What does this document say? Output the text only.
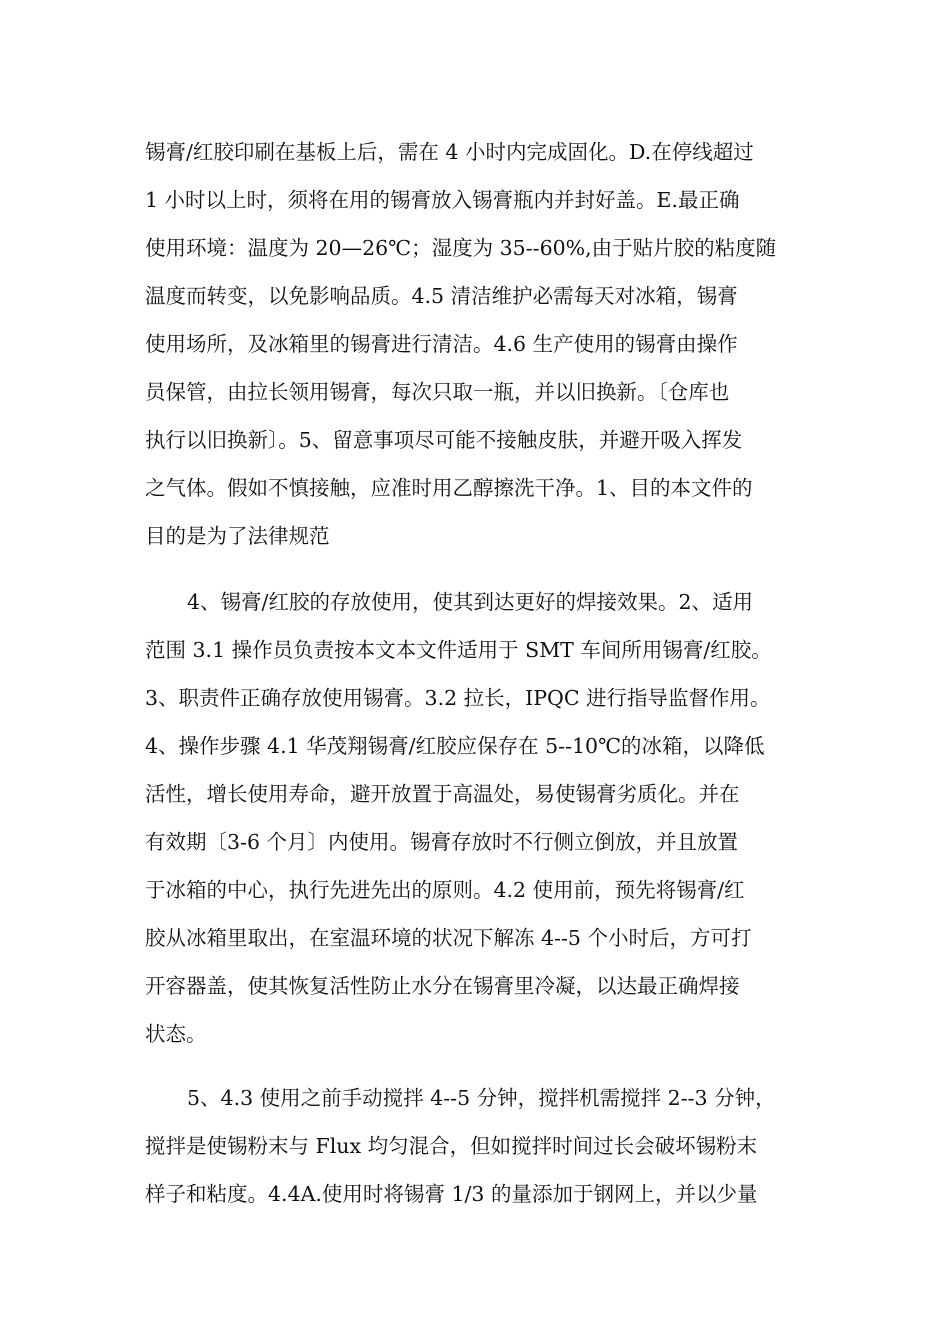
锡膏/红胶印刷在基板上后，需在 4 小时内完成固化。D.在停线超过
1 小时以上时，须将在用的锡膏放入锡膏瓶内并封好盖。E.最正确
使用环境：温度为 20—26℃；湿度为 35--60%,由于贴片胶的粘度随
温度而转变，以免影响品质。4.5 清洁维护必需每天对冰箱，锡膏
使用场所，及冰箱里的锡膏进行清洁。4.6 生产使用的锡膏由操作
员保管，由拉长领用锡膏，每次只取一瓶，并以旧换新。〔仓库也
执行以旧换新〕。5、留意事项尽可能不接触皮肤，并避开吸入挥发
之气体。假如不慎接触，应准时用乙醇擦洗干净。1、目的本文件的
目的是为了法律规范
4、锡膏/红胶的存放使用，使其到达更好的焊接效果。2、适用
范围 3.1 操作员负责按本文本文件适用于 SMT 车间所用锡膏/红胶。
3、职责件正确存放使用锡膏。3.2 拉长，IPQC 进行指导监督作用。
4、操作步骤 4.1 华茂翔锡膏/红胶应保存在 5--10℃的冰箱，以降低
活性，增长使用寿命，避开放置于高温处，易使锡膏劣质化。并在
有效期〔3-6 个月〕内使用。锡膏存放时不行侧立倒放，并且放置
于冰箱的中心，执行先进先出的原则。4.2 使用前，预先将锡膏/红
胶从冰箱里取出，在室温环境的状况下解冻 4--5 个小时后，方可打
开容器盖，使其恢复活性防止水分在锡膏里冷凝，以达最正确焊接
状态。
5、4.3 使用之前手动搅拌 4--5 分钟，搅拌机需搅拌 2--3 分钟，
搅拌是使锡粉末与 Flux 均匀混合，但如搅拌时间过长会破坏锡粉末
样子和粘度。4.4A.使用时将锡膏 1/3 的量添加于钢网上，并以少量
